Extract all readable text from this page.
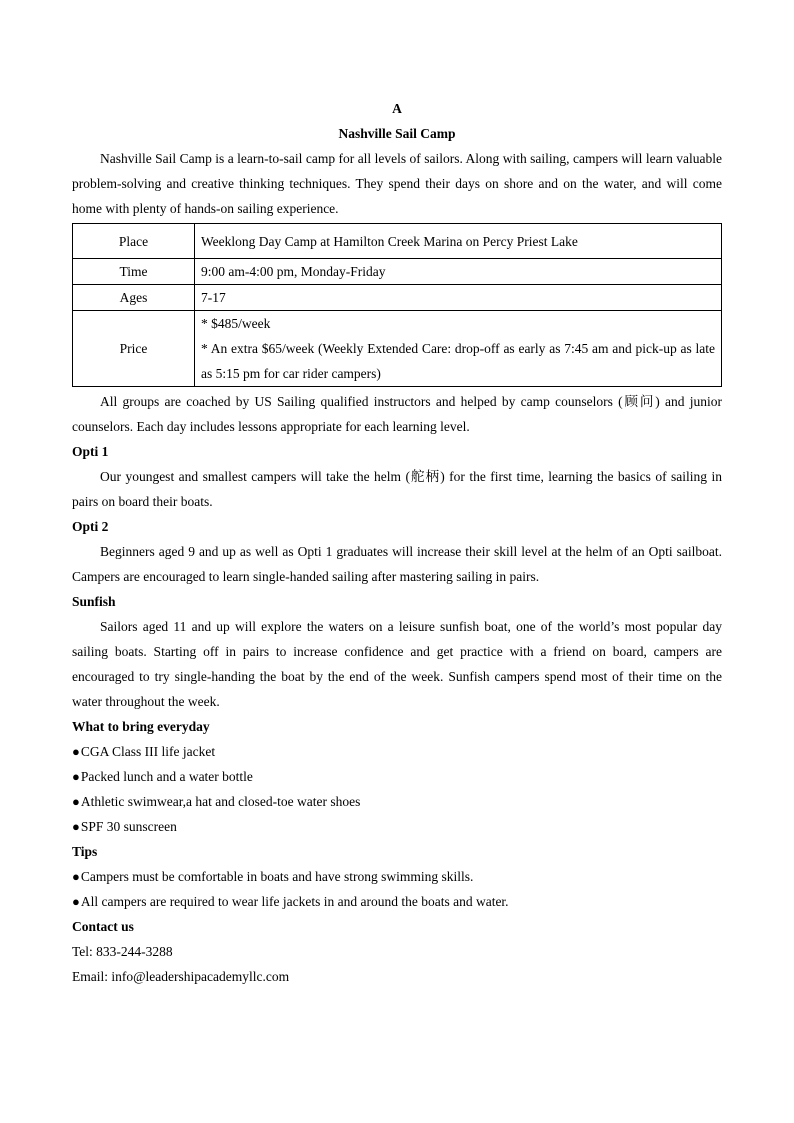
A
Nashville Sail Camp

Nashville Sail Camp is a learn-to-sail camp for all levels of sailors. Along with sailing, campers will learn valuable problem-solving and creative thinking techniques. They spend their days on shore and on the water, and will come home with plenty of hands-on sailing experience.

Place	Weeklong Day Camp at Hamilton Creek Marina on Percy Priest Lake
Time	9:00 am-4:00 pm, Monday-Friday
Ages	7-17
Price	* $485/week
* An extra $65/week (Weekly Extended Care: drop-off as early as 7:45 am and pick-up as late as 5:15 pm for car rider campers)

All groups are coached by US Sailing qualified instructors and helped by camp counselors (顾问) and junior counselors. Each day includes lessons appropriate for each learning level.

Opti 1

Our youngest and smallest campers will take the helm (舵柄) for the first time, learning the basics of sailing in pairs on board their boats.

Opti 2

Beginners aged 9 and up as well as Opti 1 graduates will increase their skill level at the helm of an Opti sailboat. Campers are encouraged to learn single-handed sailing after mastering sailing in pairs.

Sunfish

Sailors aged 11 and up will explore the waters on a leisure sunfish boat, one of the world’s most popular day sailing boats. Starting off in pairs to increase confidence and get practice with a friend on board, campers are encouraged to try single-handing the boat by the end of the week. Sunfish campers spend most of their time on the water throughout the week.

What to bring everyday

●CGA Class III life jacket

●Packed lunch and a water bottle

●Athletic swimwear,a hat and closed-toe water shoes

●SPF 30 sunscreen

Tips

●Campers must be comfortable in boats and have strong swimming skills.

●All campers are required to wear life jackets in and around the boats and water.

Contact us

Tel: 833-244-3288

Email: info@leadershipacademyllc.com
